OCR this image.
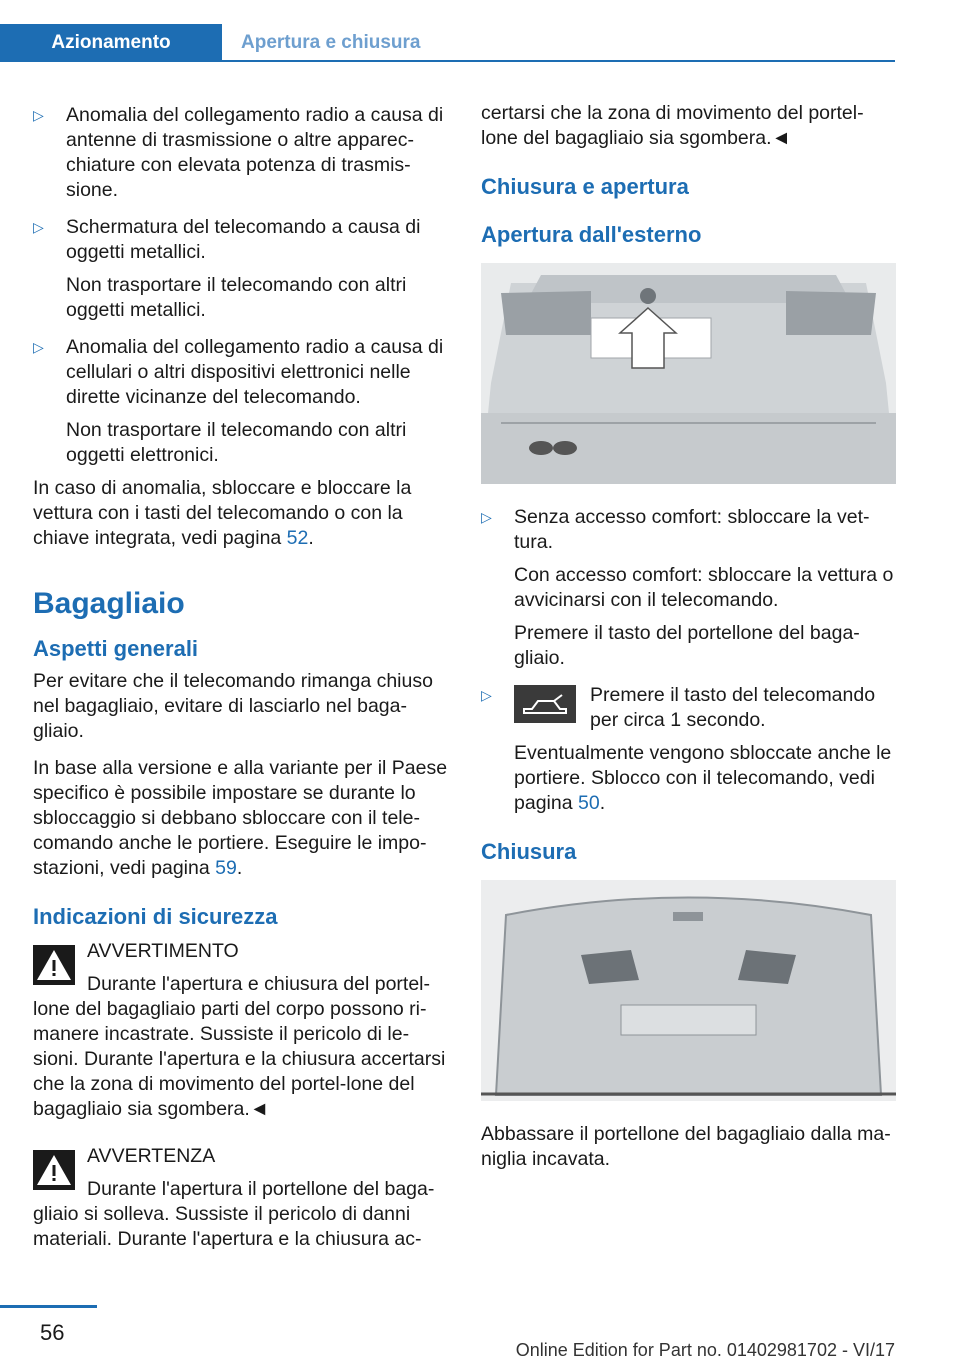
Azionamento	Apertura e chiusura
▷ Anomalia del collegamento radio a causa di antenne di trasmissione o altre apparec-chiature con elevata potenza di trasmis-sione.

▷ Schermatura del telecomando a causa di oggetti metallici.

Non trasportare il telecomando con altri oggetti metallici.

▷ Anomalia del collegamento radio a causa di cellulari o altri dispositivi elettronici nelle dirette vicinanze del telecomando.

Non trasportare il telecomando con altri oggetti elettronici.

In caso di anomalia, sbloccare e bloccare la vettura con i tasti del telecomando o con la chiave integrata, vedi pagina 52.

Bagagliaio
Aspetti generali

Per evitare che il telecomando rimanga chiuso nel bagagliaio, evitare di lasciarlo nel baga-gliaio.

In base alla versione e alla variante per il Paese specifico è possibile impostare se durante lo sbloccaggio si debbano sbloccare con il tele-comando anche le portiere. Eseguire le impo-stazioni, vedi pagina 59.

Indicazioni di sicurezza
AVVERTIMENTO
Durante l'apertura e chiusura del portel-lone del bagagliaio parti del corpo possono ri-manere incastrate. Sussiste il pericolo di le-sioni. Durante l'apertura e la chiusura accertarsi che la zona di movimento del portel-lone del bagagliaio sia sgombera.◄
AVVERTENZA
Durante l'apertura il portellone del baga-gliaio si solleva. Sussiste il pericolo di danni materiali. Durante l'apertura e la chiusura ac-

certarsi che la zona di movimento del portel-lone del bagagliaio sia sgombera.◄

Chiusura e apertura
Apertura dall'esterno
▷ Senza accesso comfort: sbloccare la vet-tura.

Con accesso comfort: sbloccare la vettura o avvicinarsi con il telecomando.

Premere il tasto del portellone del baga-gliaio.

▷	Premere il tasto del telecomando per circa 1 secondo.

Eventualmente vengono sbloccate anche le portiere. Sblocco con il telecomando, vedi pagina 50.

Chiusura

Abbassare il portellone del bagagliaio dalla ma-niglia incavata.

56
Online Edition for Part no. 01402981702 - VI/17
